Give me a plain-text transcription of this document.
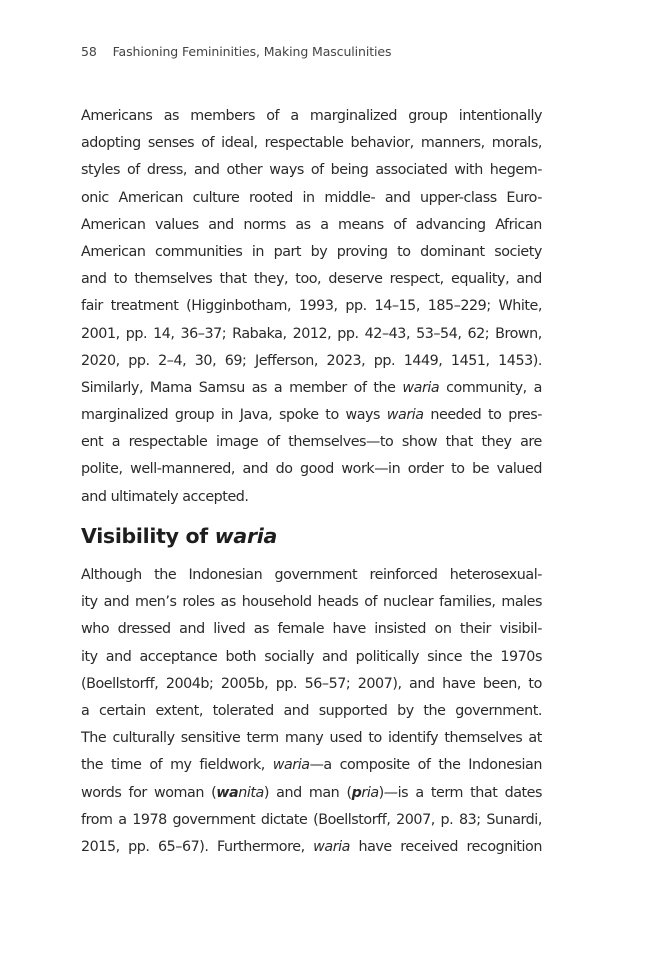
58 Fashioning Femininities, Making Masculinities
Americans as members of a marginalized group intentionally
adopting senses of ideal, respectable behavior, manners, morals,
styles of dress, and other ways of being associated with hegem-
onic American culture rooted in middle- and upper-class Euro-
American values and norms as a means of advancing African
American communities in part by proving to dominant society
and to themselves that they, too, deserve respect, equality, and
fair treatment (Higginbotham, 1993, pp. 14–15, 185–229; White,
2001, pp. 14, 36–37; Rabaka, 2012, pp. 42–43, 53–54, 62; Brown,
2020, pp. 2–4, 30, 69; Jefferson, 2023, pp. 1449, 1451, 1453).
Similarly, Mama Samsu as a member of the waria community, a
marginalized group in Java, spoke to ways waria needed to pres-
ent a respectable image of themselves—to show that they are
polite, well-mannered, and do good work—in order to be valued
and ultimately accepted.
Visibility of waria
Although the Indonesian government reinforced heterosexual-
ity and men’s roles as household heads of nuclear families, males
who dressed and lived as female have insisted on their visibil-
ity and acceptance both socially and politically since the 1970s
(Boellstorff, 2004b; 2005b, pp. 56–57; 2007), and have been, to
a certain extent, tolerated and supported by the government.
The culturally sensitive term many used to identify themselves at
the time of my fieldwork, waria—a composite of the Indonesian
words for woman (wanita) and man (pria)—is a term that dates
from a 1978 government dictate (Boellstorff, 2007, p. 83; Sunardi,
2015, pp. 65–67). Furthermore, waria have received recognition
